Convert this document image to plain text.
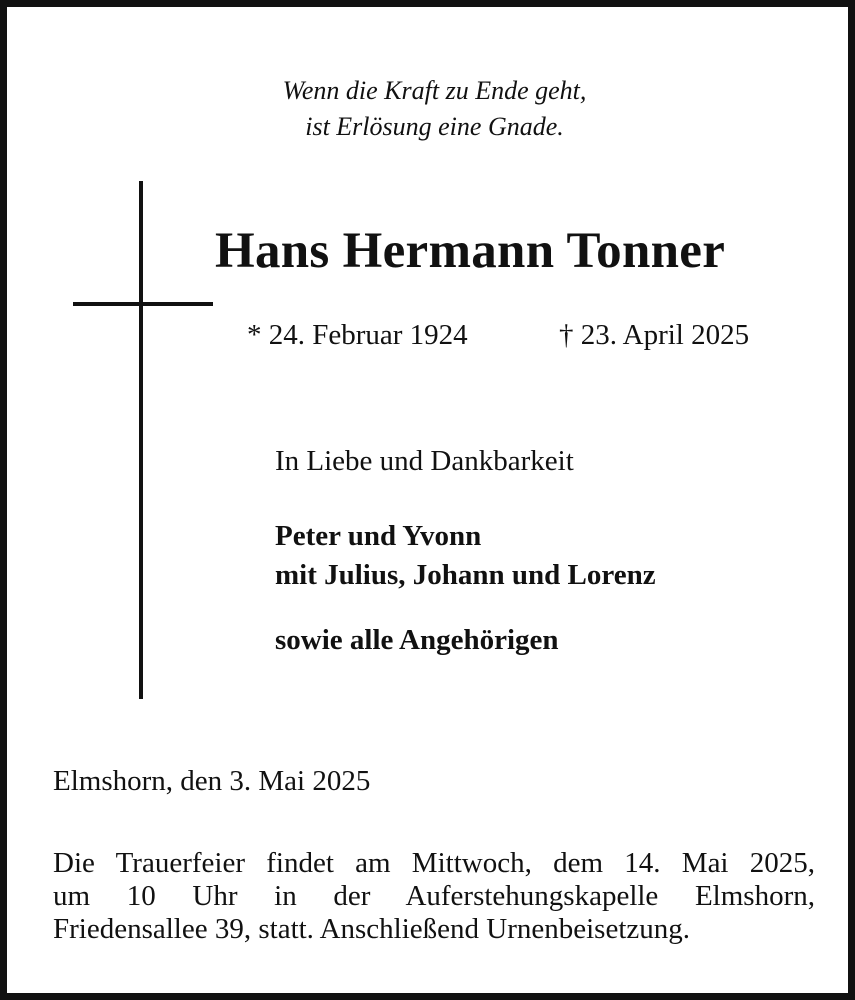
Wenn die Kraft zu Ende geht,
ist Erlösung eine Gnade.
Hans Hermann Tonner
* 24. Februar 1924	† 23. April 2025
In Liebe und Dankbarkeit
Peter und Yvonn
mit Julius, Johann und Lorenz
sowie alle Angehörigen
Elmshorn, den 3. Mai 2025
Die Trauerfeier findet am Mittwoch, dem 14. Mai 2025,
um 10 Uhr in der Auferstehungskapelle Elmshorn,
Friedensallee 39, statt. Anschließend Urnenbeisetzung.
